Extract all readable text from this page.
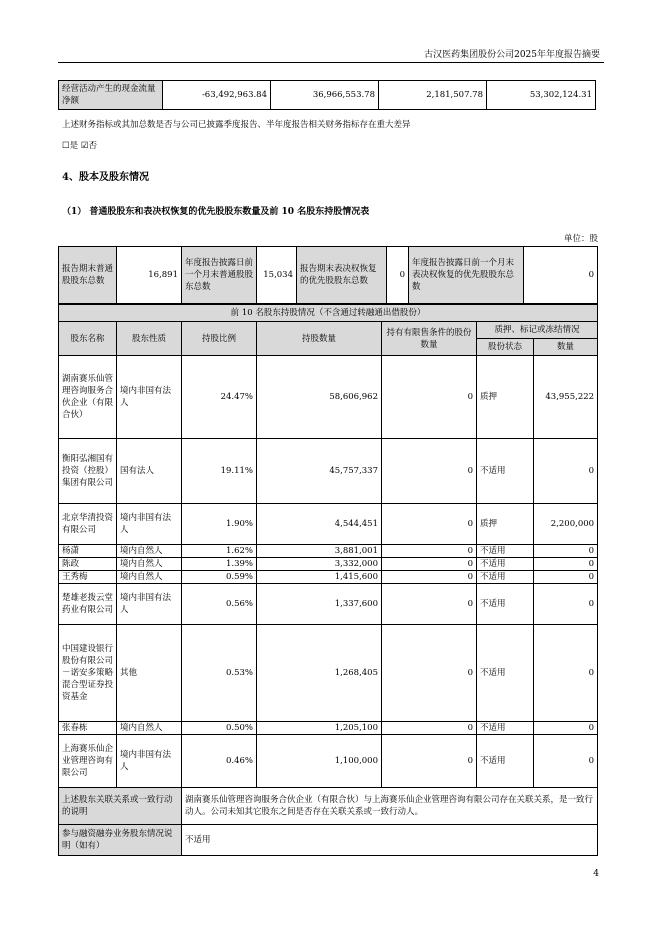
古汉医药集团股份公司2025年年度报告摘要
经营活动产生的现金流量净额	-63,492,963.84	36,966,553.78	2,181,507.78	53,302,124.31
上述财务指标或其加总数是否与公司已披露季度报告、半年度报告相关财务指标存在重大差异
☐是 ☑否
4、股本及股东情况
（1） 普通股股东和表决权恢复的优先股股东数量及前 10 名股东持股情况表
单位：股
报告期末普通股股东总数	16,891	年度报告披露日前一个月末普通股股东总数	15,034	报告期末表决权恢复的优先股股东总数	0	年度报告披露日前一个月末表决权恢复的优先股股东总数	0
前 10 名股东持股情况（不含通过转融通出借股份）						
股东名称	股东性质	持股比例	持股数量	持有有限售条件的股份数量	质押、标记或冻结情况	
					股份状态	数量
湖南赛乐仙管理咨询服务合伙企业（有限合伙）	境内非国有法人	24.47%	58,606,962	0	质押	43,955,222
衡阳弘湘国有投资（控股）集团有限公司	国有法人	19.11%	45,757,337	0	不适用	0
北京华清投资有限公司	境内非国有法人	1.90%	4,544,451	0	质押	2,200,000
杨潇	境内自然人	1.62%	3,881,001	0	不适用	0
陈政	境内自然人	1.39%	3,332,000	0	不适用	0
王秀梅	境内自然人	0.59%	1,415,600	0	不适用	0
楚雄老拨云堂药业有限公司	境内非国有法人	0.56%	1,337,600	0	不适用	0
中国建设银行股份有限公司－诺安多策略混合型证券投资基金	其他	0.53%	1,268,405	0	不适用	0
张春栋	境内自然人	0.50%	1,205,100	0	不适用	0
上海赛乐仙企业管理咨询有限公司	境内非国有法人	0.46%	1,100,000	0	不适用	0
上述股东关联关系或一致行动的说明		湖南赛乐仙管理咨询服务合伙企业（有限合伙）与上海赛乐仙企业管理咨询有限公司存在关联关系，是一致行动人。公司未知其它股东之间是否存在关联关系或一致行动人。				
参与融资融券业务股东情况说明（如有）		不适用				
4
